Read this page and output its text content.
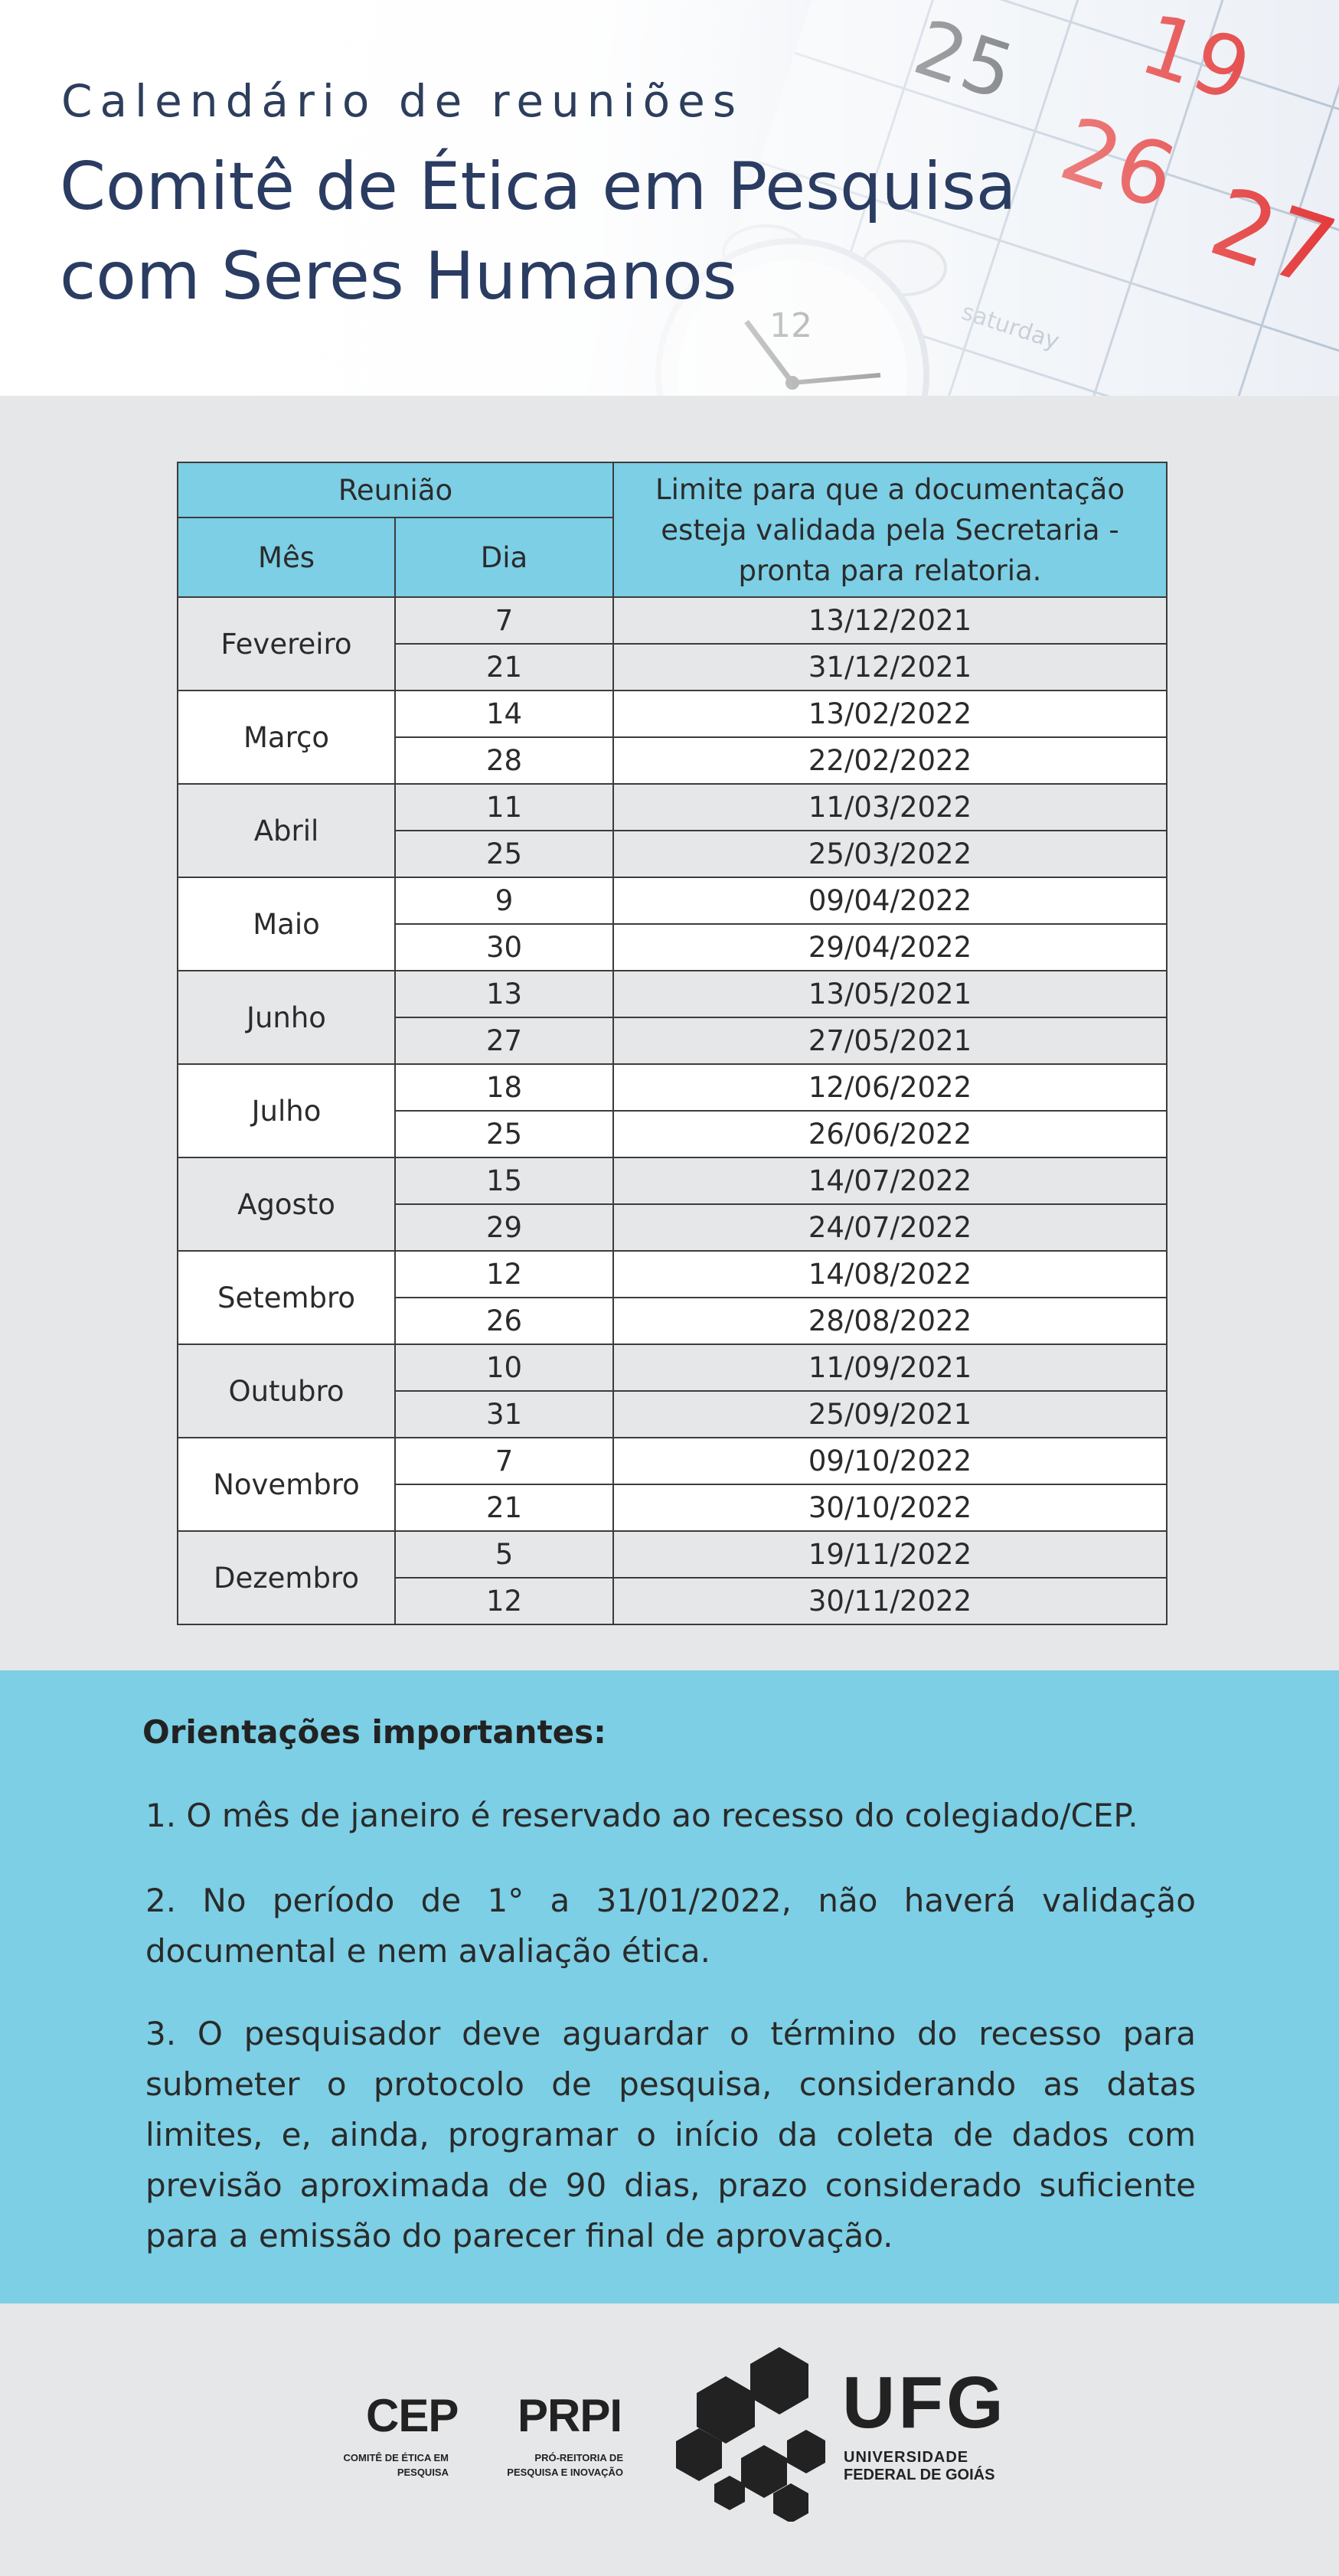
Calendário de reuniões

Comitê de Ética em Pesquisa
com Seres Humanos
Reunião		Limite para que a documentação esteja validada pela Secretaria - pronta para relatoria.
Mês	Dia	
Fevereiro	7	13/12/2021
	21	31/12/2021
Março	14	13/02/2022
	28	22/02/2022
Abril	11	11/03/2022
	25	25/03/2022
Maio	9	09/04/2022
	30	29/04/2022
Junho	13	13/05/2021
	27	27/05/2021
Julho	18	12/06/2022
	25	26/06/2022
Agosto	15	14/07/2022
	29	24/07/2022
Setembro	12	14/08/2022
	26	28/08/2022
Outubro	10	11/09/2021
	31	25/09/2021
Novembro	7	09/10/2022
	21	30/10/2022
Dezembro	5	19/11/2022
	12	30/11/2022

Orientações importantes:

1. O mês de janeiro é reservado ao recesso do colegiado/CEP.

2. No período de 1° a 31/01/2022, não haverá validação documental e nem avaliação ética.

3. O pesquisador deve aguardar o término do recesso para submeter o protocolo de pesquisa, considerando as datas limites, e, ainda, programar o início da coleta de dados com previsão aproximada de 90 dias, prazo considerado suficiente para a emissão do parecer final de aprovação.

CEP

COMITÊ DE ÉTICA EM

PESQUISA

PRPI

PRÓ-REITORIA DE

PESQUISA E INOVAÇÃO

UFG

UNIVERSIDADE

FEDERAL DE GOIÁS
